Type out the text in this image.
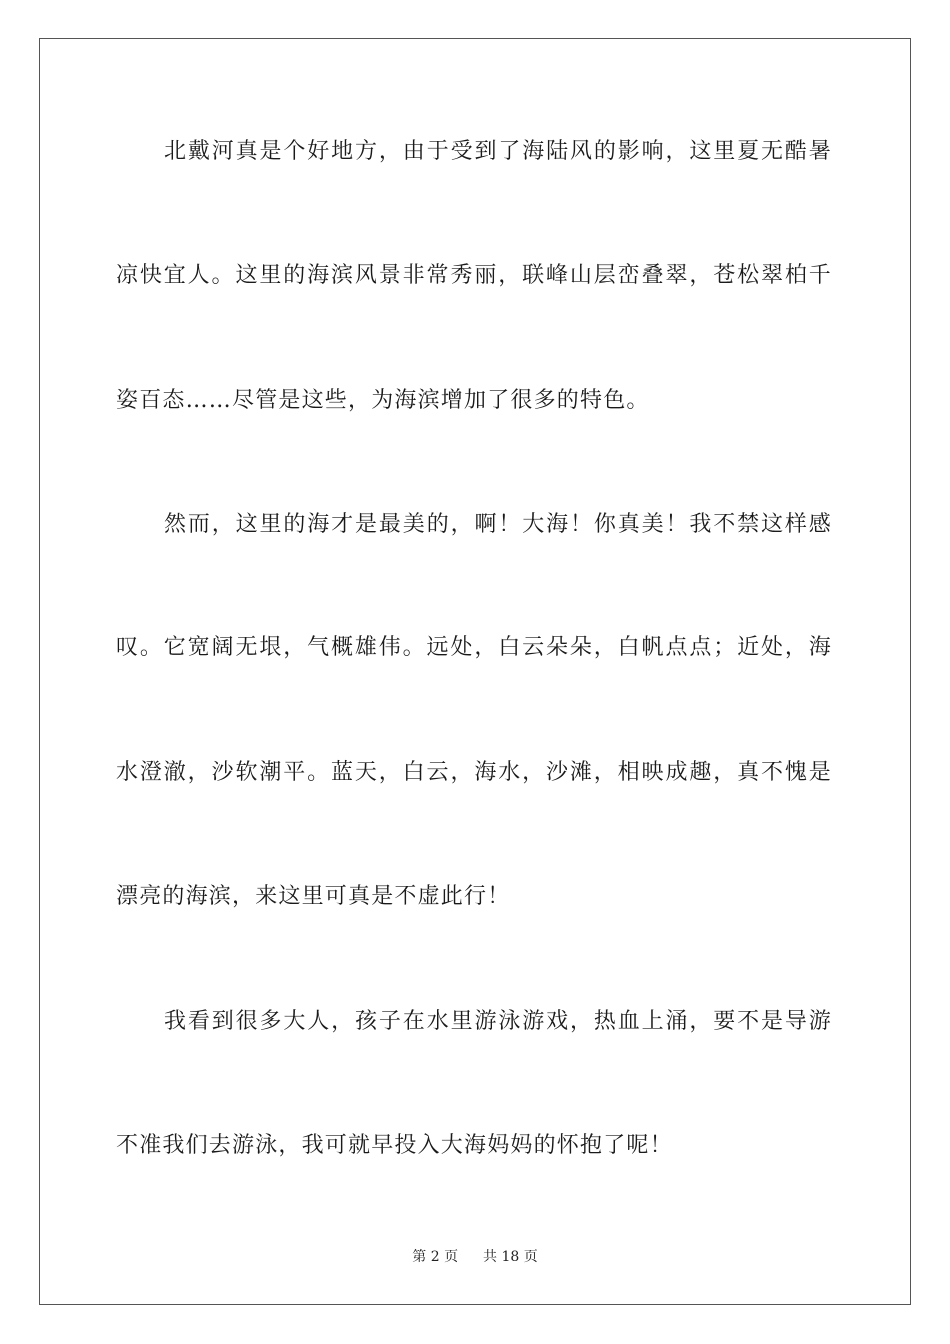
北戴河真是个好地方，由于受到了海陆风的影响，这里夏无酷暑
凉快宜人。这里的海滨风景非常秀丽，联峰山层峦叠翠，苍松翠柏千
姿百态……尽管是这些，为海滨增加了很多的特色。
然而，这里的海才是最美的，啊！大海！你真美！我不禁这样感
叹。它宽阔无垠，气概雄伟。远处，白云朵朵，白帆点点；近处，海
水澄澈，沙软潮平。蓝天，白云，海水，沙滩，相映成趣，真不愧是
漂亮的海滨，来这里可真是不虚此行！
我看到很多大人，孩子在水里游泳游戏，热血上涌，要不是导游
不准我们去游泳，我可就早投入大海妈妈的怀抱了呢！
第 2 页 共 18 页
